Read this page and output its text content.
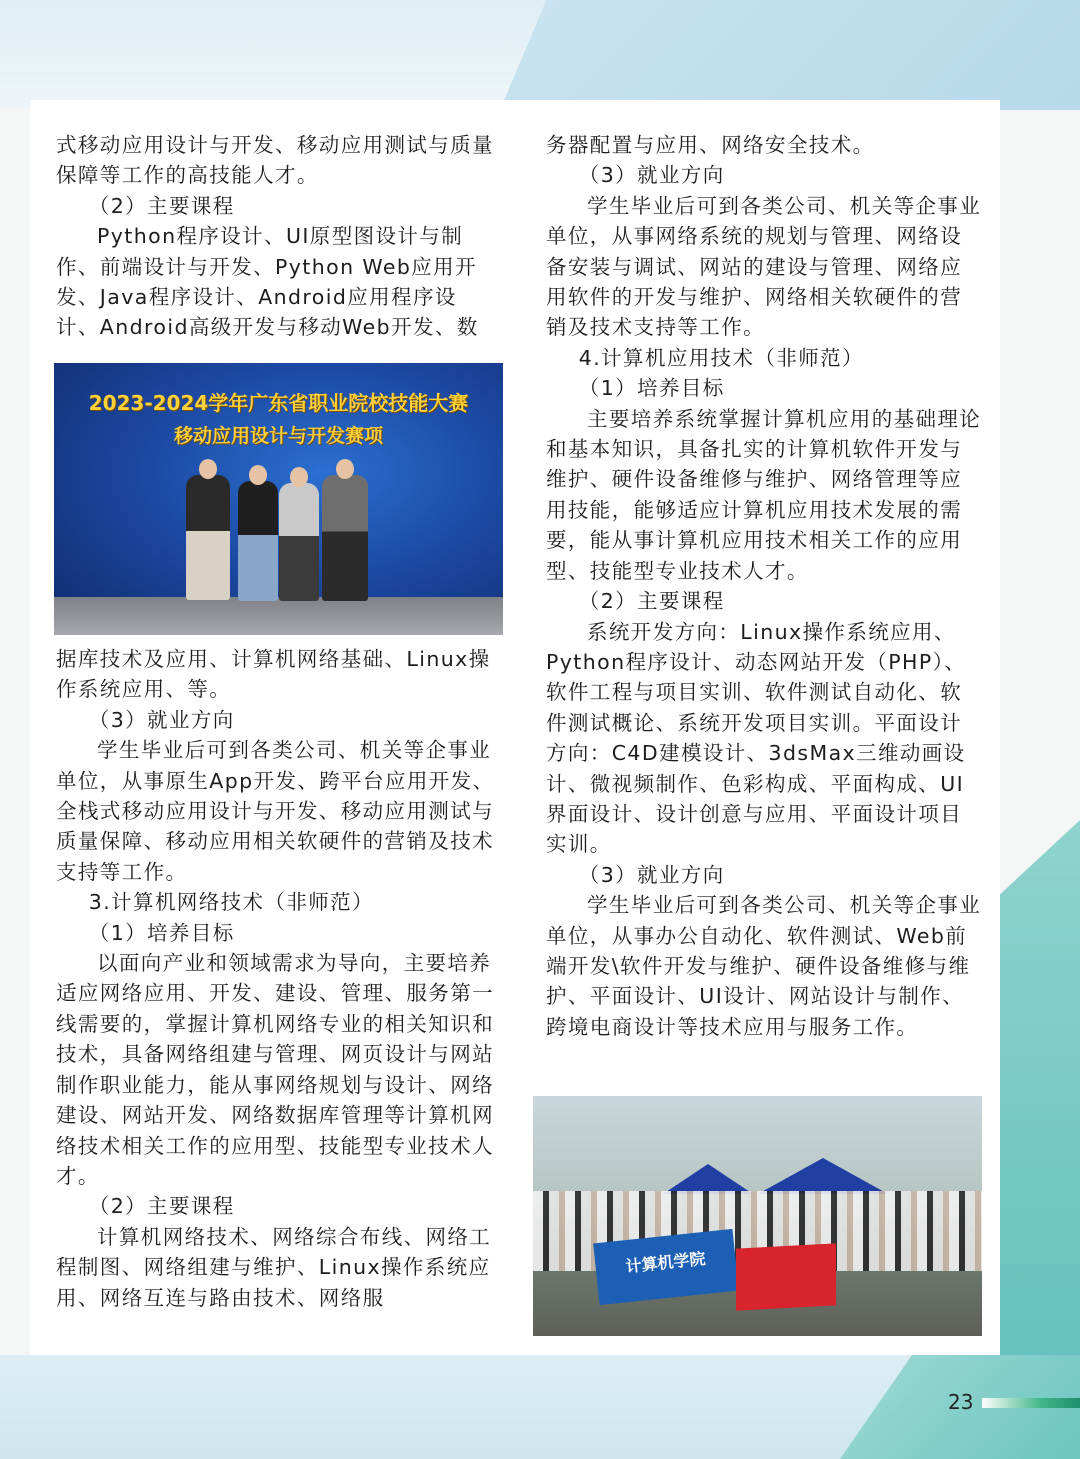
式移动应用设计与开发、移动应用测试与质量保障等工作的高技能人才。

（2）主要课程

Python程序设计、UI原型图设计与制作、前端设计与开发、Python Web应用开发、Java程序设计、Android应用程序设计、Android高级开发与移动Web开发、数

2023-2024学年广东省职业院校技能大赛
移动应用设计与开发赛项

据库技术及应用、计算机网络基础、Linux操作系统应用、等。

（3）就业方向

学生毕业后可到各类公司、机关等企事业单位，从事原生App开发、跨平台应用开发、全栈式移动应用设计与开发、移动应用测试与质量保障、移动应用相关软硬件的营销及技术支持等工作。

3.计算机网络技术（非师范）

（1）培养目标

以面向产业和领域需求为导向，主要培养适应网络应用、开发、建设、管理、服务第一线需要的，掌握计算机网络专业的相关知识和技术，具备网络组建与管理、网页设计与网站制作职业能力，能从事网络规划与设计、网络建设、网站开发、网络数据库管理等计算机网络技术相关工作的应用型、技能型专业技术人才。

（2）主要课程

计算机网络技术、网络综合布线、网络工程制图、网络组建与维护、Linux操作系统应用、网络互连与路由技术、网络服

务器配置与应用、网络安全技术。

（3）就业方向

学生毕业后可到各类公司、机关等企事业单位，从事网络系统的规划与管理、网络设备安装与调试、网站的建设与管理、网络应用软件的开发与维护、网络相关软硬件的营销及技术支持等工作。

4.计算机应用技术（非师范）

（1）培养目标

主要培养系统掌握计算机应用的基础理论和基本知识，具备扎实的计算机软件开发与维护、硬件设备维修与维护、网络管理等应用技能，能够适应计算机应用技术发展的需要，能从事计算机应用技术相关工作的应用型、技能型专业技术人才。

（2）主要课程

系统开发方向：Linux操作系统应用、Python程序设计、动态网站开发（PHP）、软件工程与项目实训、软件测试自动化、软件测试概论、系统开发项目实训。平面设计方向：C4D建模设计、3dsMax三维动画设计、微视频制作、色彩构成、平面构成、UI 界面设计、设计创意与应用、平面设计项目实训。

（3）就业方向

学生毕业后可到各类公司、机关等企事业单位，从事办公自动化、软件测试、Web前端开发\软件开发与维护、硬件设备维修与维护、平面设计、UI设计、网站设计与制作、跨境电商设计等技术应用与服务工作。

计算机学院
23
